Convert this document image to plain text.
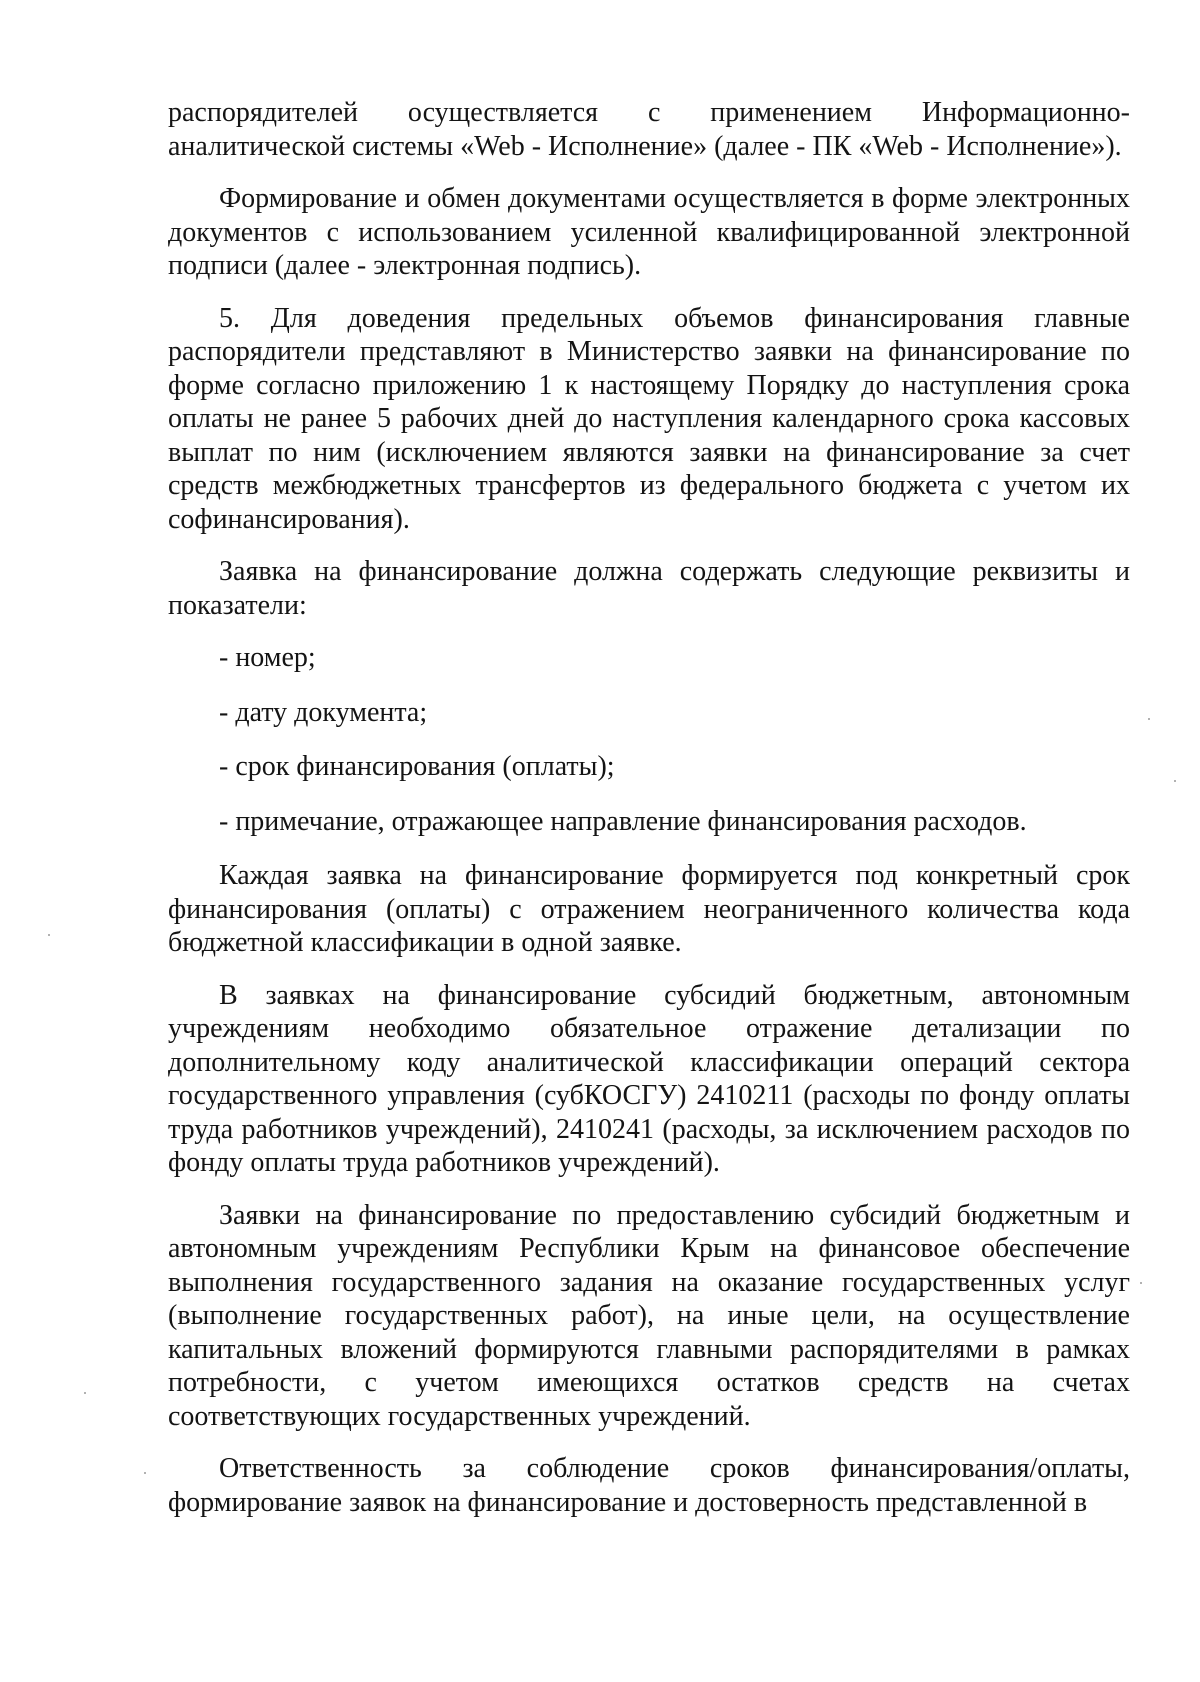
распорядителей осуществляется с применением Информационно-аналитической системы «Web - Исполнение» (далее - ПК «Web - Исполнение»).

Формирование и обмен документами осуществляется в форме электронных документов с использованием усиленной квалифицированной электронной подписи (далее - электронная подпись).

5. Для доведения предельных объемов финансирования главные распорядители представляют в Министерство заявки на финансирование по форме согласно приложению 1 к настоящему Порядку до наступления срока оплаты не ранее 5 рабочих дней до наступления календарного срока кассовых выплат по ним (исключением являются заявки на финансирование за счет средств межбюджетных трансфертов из федерального бюджета с учетом их софинансирования).

Заявка на финансирование должна содержать следующие реквизиты и показатели:

- номер;

- дату документа;

- срок финансирования (оплаты);

- примечание, отражающее направление финансирования расходов.

Каждая заявка на финансирование формируется под конкретный срок финансирования (оплаты) с отражением неограниченного количества кода бюджетной классификации в одной заявке.

В заявках на финансирование субсидий бюджетным, автономным учреждениям необходимо обязательное отражение детализации по дополнительному коду аналитической классификации операций сектора государственного управления (субКОСГУ) 2410211 (расходы по фонду оплаты труда работников учреждений), 2410241 (расходы, за исключением расходов по фонду оплаты труда работников учреждений).

Заявки на финансирование по предоставлению субсидий бюджетным и автономным учреждениям Республики Крым на финансовое обеспечение выполнения государственного задания на оказание государственных услуг (выполнение государственных работ), на иные цели, на осуществление капитальных вложений формируются главными распорядителями в рамках потребности, с учетом имеющихся остатков средств на счетах соответствующих государственных учреждений.

Ответственность за соблюдение сроков финансирования/оплаты, формирование заявок на финансирование и достоверность представленной в
